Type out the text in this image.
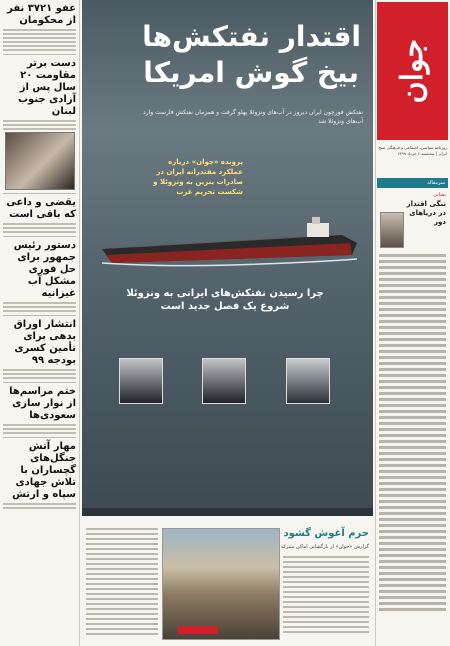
جوان
روزنامه سیاسی، اجتماعی و فرهنگی صبح ایران | سه‌شنبه ۶ خرداد ۱۳۹۹
سرمقاله
نشانی
تنگی اقتدار در دریاهای دور
عفو ۳۷۲۱ نفر از محکومان
دست برتر مقاومت ۲۰ سال پس از آزادی جنوب لبنان
یقضی و داعی که باقی است
دستور رئیس جمهور برای حل فوری مشکل آب غیزانیه
انتشار اوراق بدهی برای تأمین کسری بودجه ۹۹
ختم مراسم‌ها از نوار سازی سعودی‌ها
مهار آتش جنگل‌های گچساران با تلاش جهادی سپاه و ارتش
اقتدار نفتکش‌ها
بیخ گوش امریکا
نفتکش فورچون ایران دیروز در آب‌های ونزوئلا پهلو گرفت و همزمان نفتکش فارست وارد آب‌های ونزوئلا شد
پرونده «جوان» درباره عملکرد مقتدرانه ایران در صادرات بنزین به ونزوئلا و شکست تحریم غرب
چرا رسیدن نفتکش‌های ایرانی به ونزوئلا شروع یک فصل جدید است
حرم آغوش گشود
گزارش «جوان» از بازگشایی اماکن متبرکه
